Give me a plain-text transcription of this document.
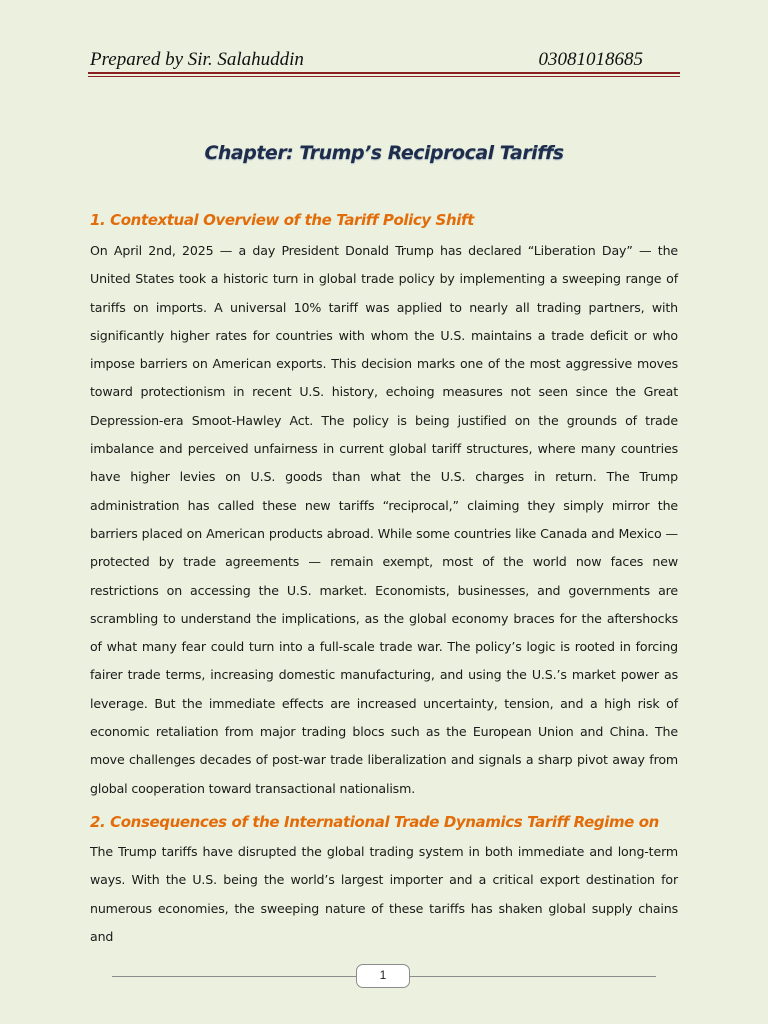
Prepared by Sir. Salahuddin	03081018685
Chapter: Trump’s Reciprocal Tariffs
1. Contextual Overview of the Tariff Policy Shift
On April 2nd, 2025 — a day President Donald Trump has declared “Liberation Day” — the United States took a historic turn in global trade policy by implementing a sweeping range of tariffs on imports. A universal 10% tariff was applied to nearly all trading partners, with significantly higher rates for countries with whom the U.S. maintains a trade deficit or who impose barriers on American exports. This decision marks one of the most aggressive moves toward protectionism in recent U.S. history, echoing measures not seen since the Great Depression-era Smoot-Hawley Act. The policy is being justified on the grounds of trade imbalance and perceived unfairness in current global tariff structures, where many countries have higher levies on U.S. goods than what the U.S. charges in return. The Trump administration has called these new tariffs “reciprocal,” claiming they simply mirror the barriers placed on American products abroad. While some countries like Canada and Mexico — protected by trade agreements — remain exempt, most of the world now faces new restrictions on accessing the U.S. market. Economists, businesses, and governments are scrambling to understand the implications, as the global economy braces for the aftershocks of what many fear could turn into a full-scale trade war. The policy’s logic is rooted in forcing fairer trade terms, increasing domestic manufacturing, and using the U.S.’s market power as leverage. But the immediate effects are increased uncertainty, tension, and a high risk of economic retaliation from major trading blocs such as the European Union and China. The move challenges decades of post-war trade liberalization and signals a sharp pivot away from global cooperation toward transactional nationalism.
2. Consequences of the International Trade Dynamics Tariff Regime on
The Trump tariffs have disrupted the global trading system in both immediate and long-term ways. With the U.S. being the world’s largest importer and a critical export destination for numerous economies, the sweeping nature of these tariffs has shaken global supply chains and
1
